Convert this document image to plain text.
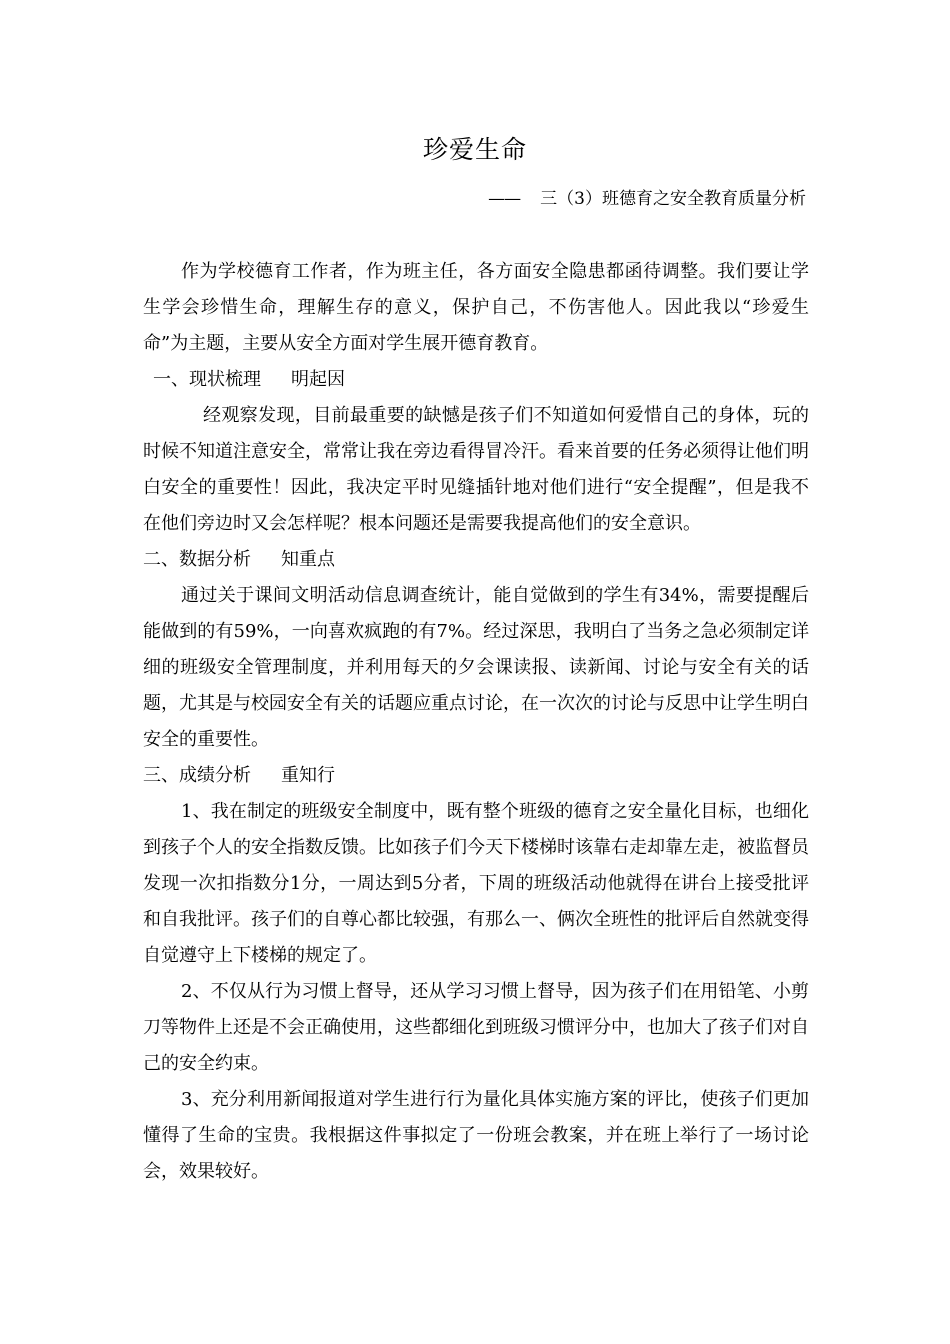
珍爱生命
—— 三（3）班德育之安全教育质量分析

作为学校德育工作者，作为班主任，各方面安全隐患都函待调整。我们要让学生学会珍惜生命，理解生存的意义，保护自己，不伤害他人。因此我以“珍爱生命”为主题，主要从安全方面对学生展开德育教育。

一、现状梳理 明起因

经观察发现，目前最重要的缺憾是孩子们不知道如何爱惜自己的身体，玩的时候不知道注意安全，常常让我在旁边看得冒冷汗。看来首要的任务必须得让他们明白安全的重要性！因此，我决定平时见缝插针地对他们进行“安全提醒”，但是我不在他们旁边时又会怎样呢？根本问题还是需要我提高他们的安全意识。

二、数据分析 知重点

通过关于课间文明活动信息调查统计，能自觉做到的学生有34%，需要提醒后能做到的有59%，一向喜欢疯跑的有7%。经过深思，我明白了当务之急必须制定详细的班级安全管理制度，并利用每天的夕会课读报、读新闻、讨论与安全有关的话题，尤其是与校园安全有关的话题应重点讨论，在一次次的讨论与反思中让学生明白安全的重要性。

三、成绩分析 重知行

1、我在制定的班级安全制度中，既有整个班级的德育之安全量化目标，也细化到孩子个人的安全指数反馈。比如孩子们今天下楼梯时该靠右走却靠左走，被监督员发现一次扣指数分1分，一周达到5分者，下周的班级活动他就得在讲台上接受批评和自我批评。孩子们的自尊心都比较强，有那么一、俩次全班性的批评后自然就变得自觉遵守上下楼梯的规定了。

2、不仅从行为习惯上督导，还从学习习惯上督导，因为孩子们在用铅笔、小剪刀等物件上还是不会正确使用，这些都细化到班级习惯评分中，也加大了孩子们对自己的安全约束。

3、充分利用新闻报道对学生进行行为量化具体实施方案的评比，使孩子们更加懂得了生命的宝贵。我根据这件事拟定了一份班会教案，并在班上举行了一场讨论会，效果较好。
